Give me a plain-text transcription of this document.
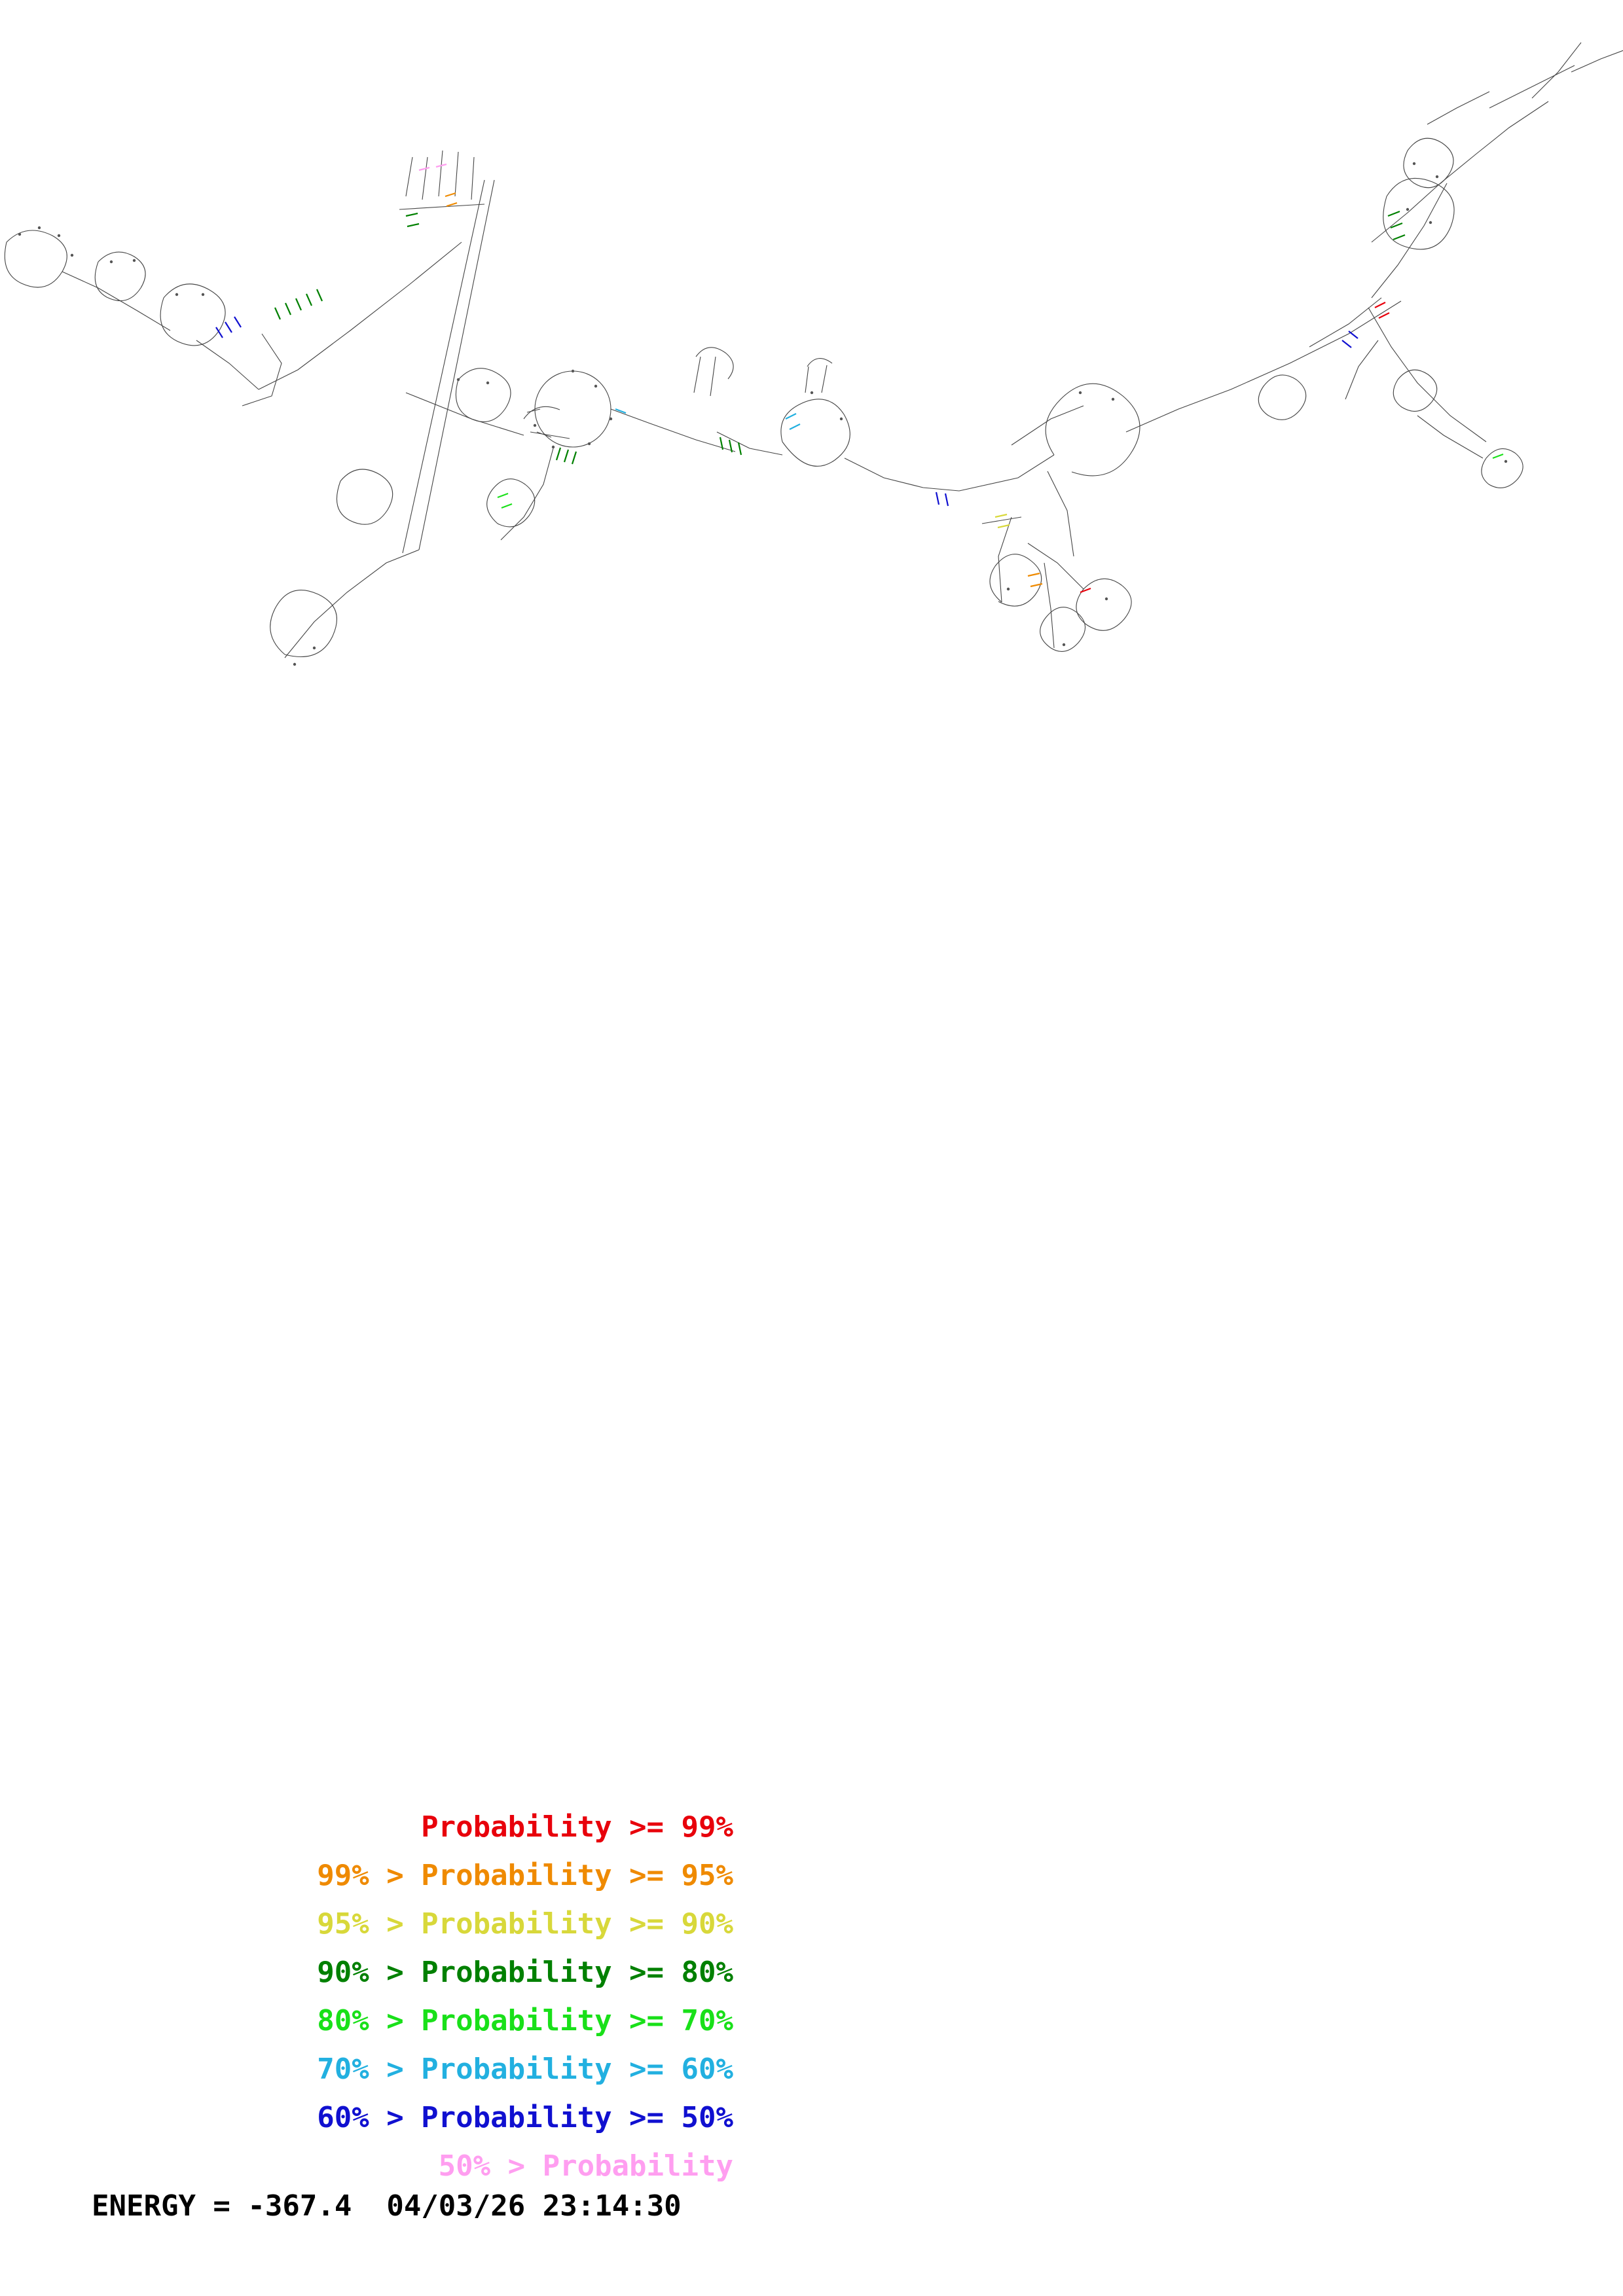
Probability >= 99%
99% > Probability >= 95%
95% > Probability >= 90%
90% > Probability >= 80%
80% > Probability >= 70%
70% > Probability >= 60%
60% > Probability >= 50%
50% > Probability
ENERGY = -367.4  04/03/26 23:14:30
